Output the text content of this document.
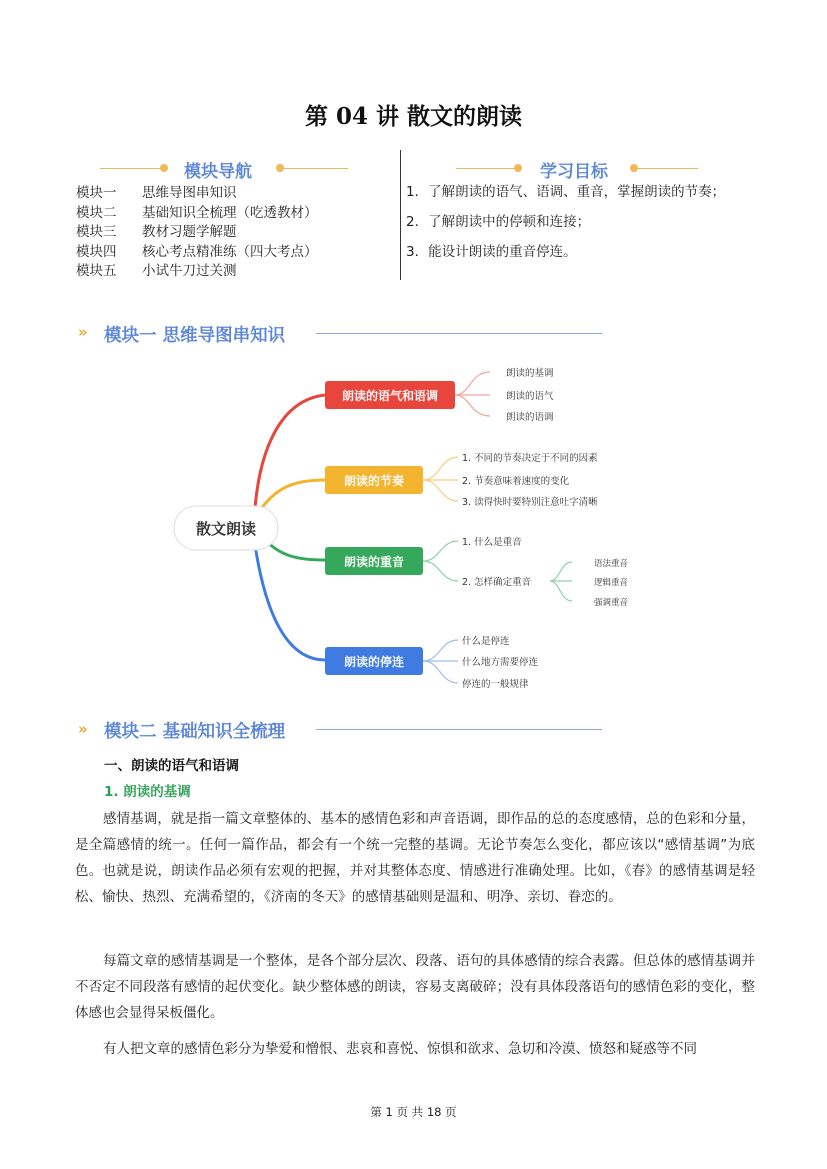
第 04 讲 散文的朗读
模块导航
模块一 思维导图串知识
模块二 基础知识全梳理（吃透教材）
模块三 教材习题学解题
模块四 核心考点精准练（四大考点）
模块五 小试牛刀过关测
学习目标
1．了解朗读的语气、语调、重音，掌握朗读的节奏；
2．了解朗读中的停顿和连接；
3．能设计朗读的重音停连。
» 模块一 思维导图串知识
散文朗读
朗读的语气和语调
朗读的节奏
朗读的重音
朗读的停连
朗读的基调
朗读的语气
朗读的语调
1. 不同的节奏决定于不同的因素
2. 节奏意味着速度的变化
3. 读得快时要特别注意吐字清晰
1. 什么是重音
2. 怎样确定重音
语法重音
逻辑重音
强调重音
什么是停连
什么地方需要停连
停连的一般规律
» 模块二 基础知识全梳理
一、朗读的语气和语调
1. 朗读的基调
感情基调，就是指一篇文章整体的、基本的感情色彩和声音语调，即作品的总的态度感情，总的色彩和分量，是全篇感情的统一。任何一篇作品，都会有一个统一完整的基调。无论节奏怎么变化，都应该以“感情基调”为底色。也就是说，朗读作品必须有宏观的把握，并对其整体态度、情感进行准确处理。比如，《春》的感情基调是轻松、愉快、热烈、充满希望的，《济南的冬天》的感情基础则是温和、明净、亲切、眷恋的。
每篇文章的感情基调是一个整体，是各个部分层次、段落、语句的具体感情的综合表露。但总体的感情基调并不否定不同段落有感情的起伏变化。缺少整体感的朗读，容易支离破碎；没有具体段落语句的感情色彩的变化，整体感也会显得呆板僵化。
有人把文章的感情色彩分为挚爱和憎恨、悲哀和喜悦、惊惧和欲求、急切和冷漠、愤怒和疑惑等不同
第 1 页 共 18 页
